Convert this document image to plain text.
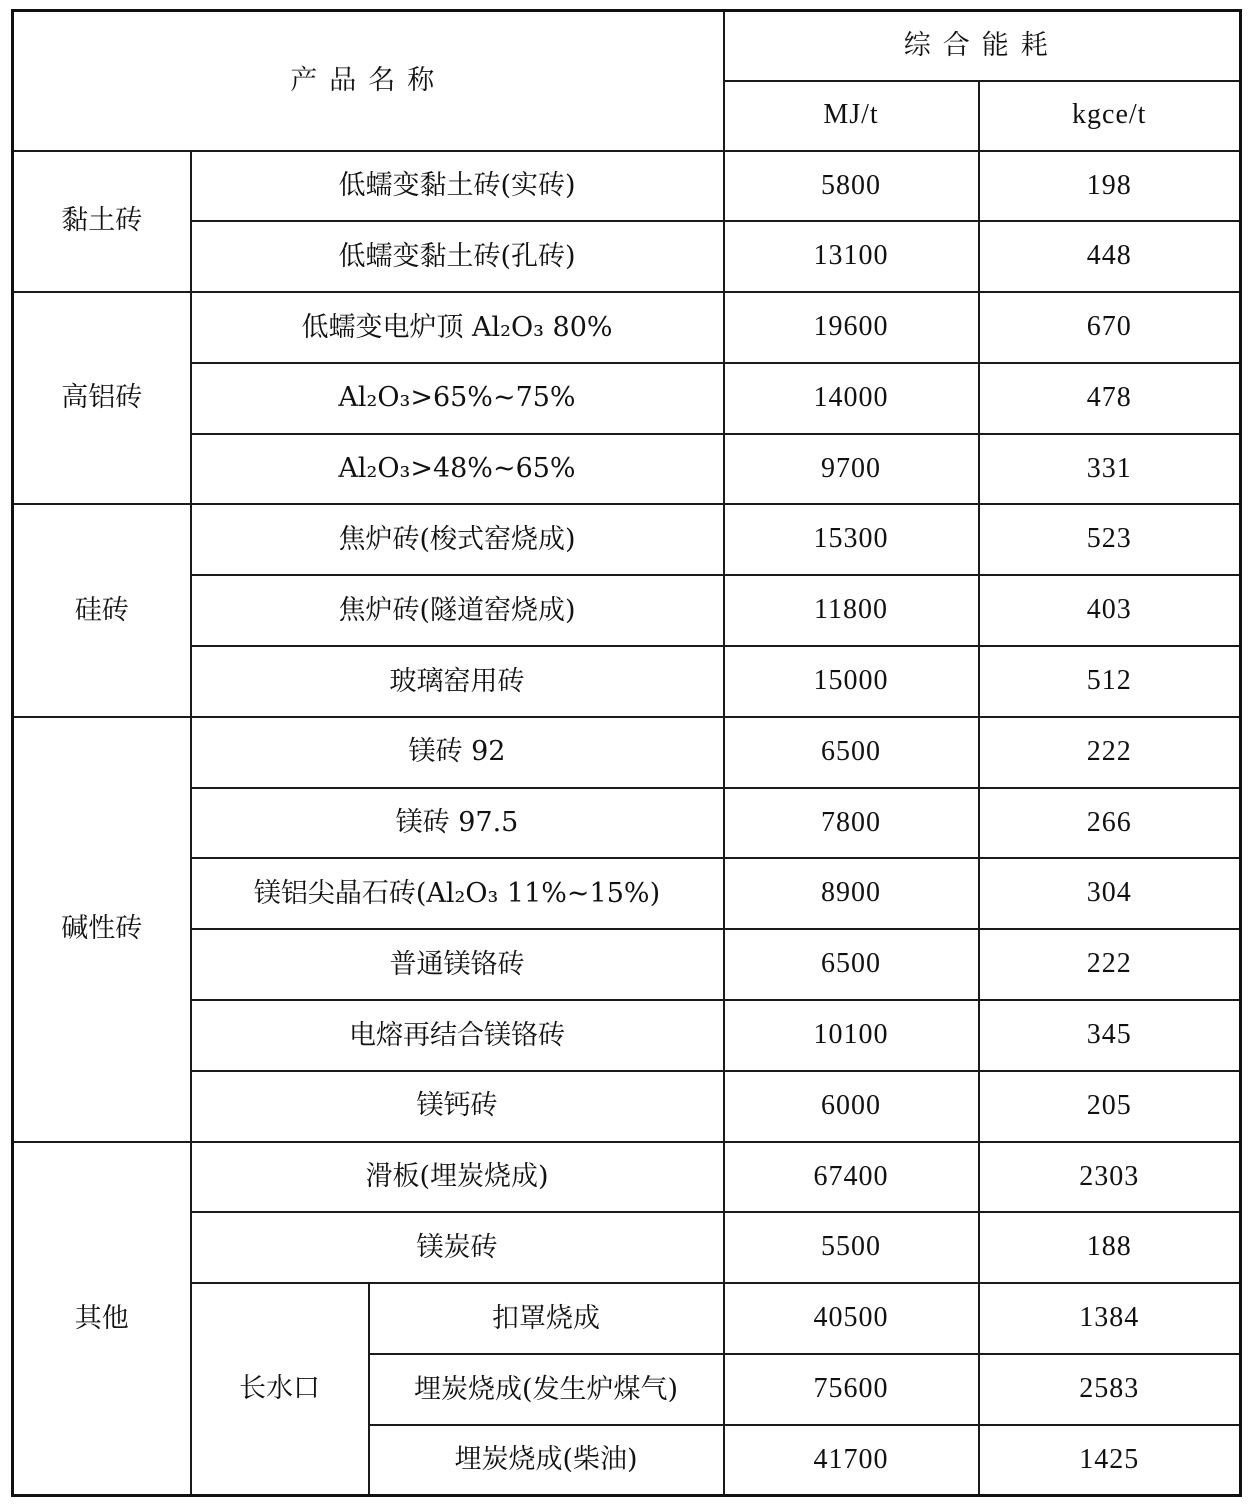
产品名称			综合能耗	
			MJ/t	kgce/t
黏土砖	低蠕变黏土砖(实砖)		5800	198
	低蠕变黏土砖(孔砖)		13100	448
高铝砖	低蠕变电炉顶 Al₂O₃ 80%		19600	670
	Al₂O₃>65%~75%		14000	478
	Al₂O₃>48%~65%		9700	331
硅砖	焦炉砖(梭式窑烧成)		15300	523
	焦炉砖(隧道窑烧成)		11800	403
	玻璃窑用砖		15000	512
碱性砖	镁砖 92		6500	222
	镁砖 97.5		7800	266
	镁铝尖晶石砖(Al₂O₃ 11%~15%)		8900	304
	普通镁铬砖		6500	222
	电熔再结合镁铬砖		10100	345
	镁钙砖		6000	205
其他	滑板(埋炭烧成)		67400	2303
	镁炭砖		5500	188
	长水口	扣罩烧成	40500	1384
		埋炭烧成(发生炉煤气)	75600	2583
		埋炭烧成(柴油)	41700	1425
